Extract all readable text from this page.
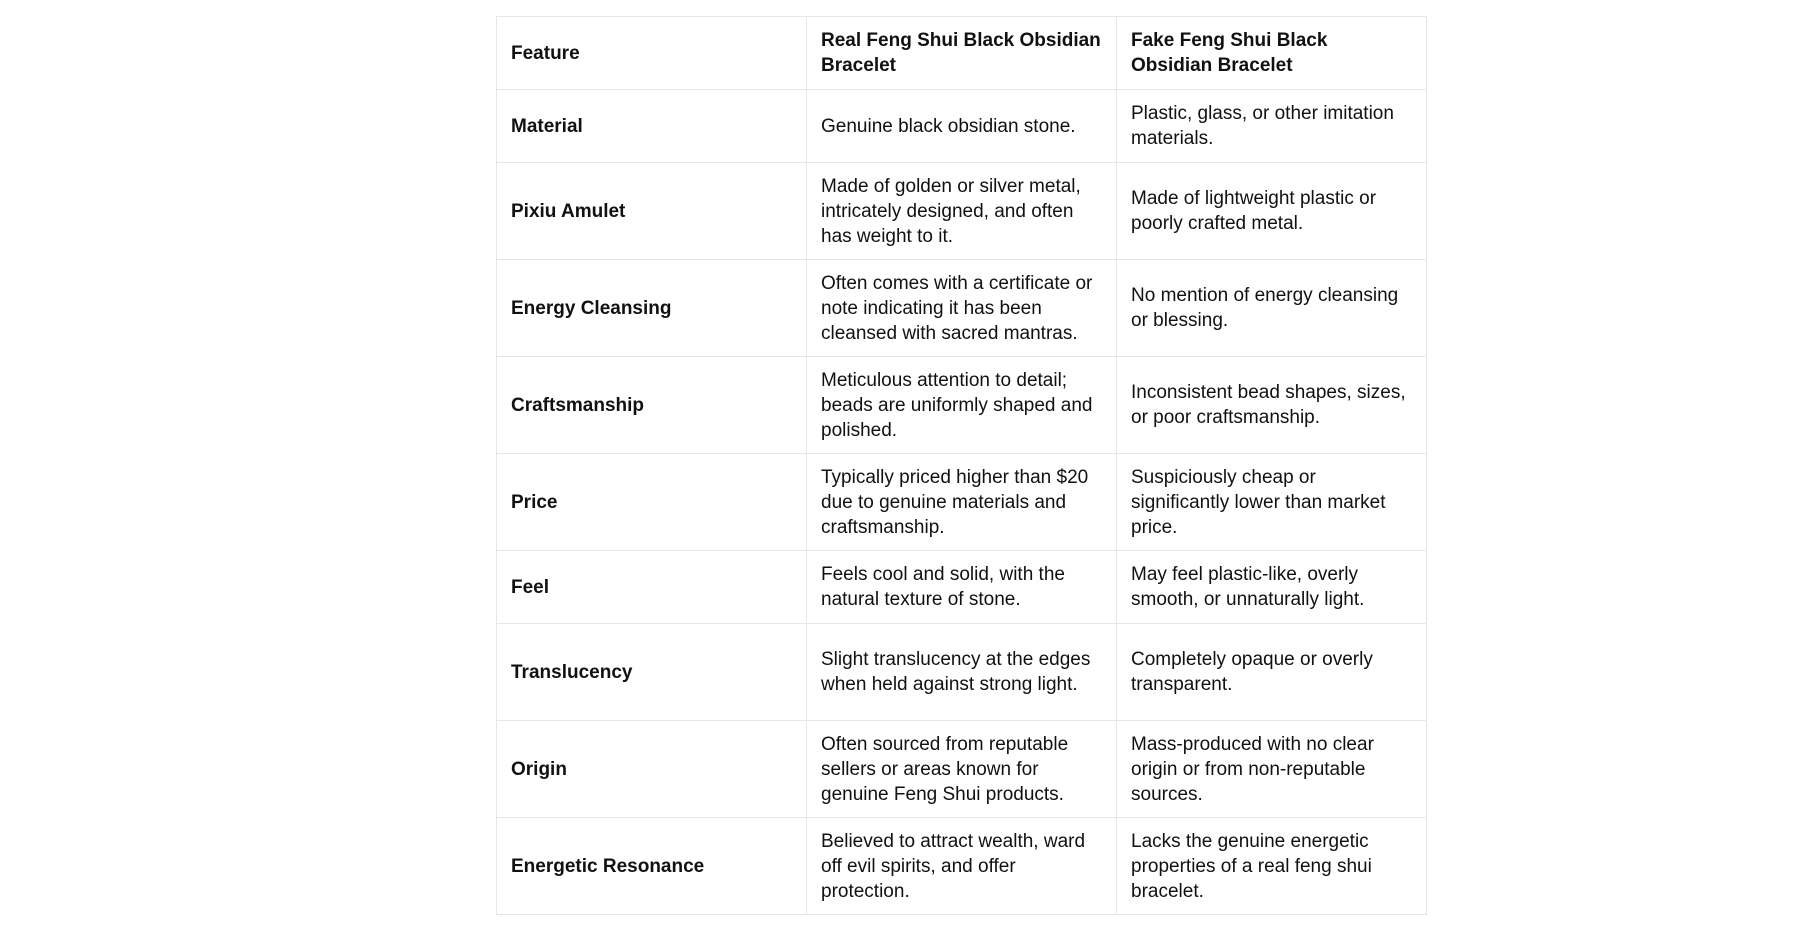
Feature	Real Feng Shui Black Obsidian Bracelet	Fake Feng Shui Black Obsidian Bracelet
Material	Genuine black obsidian stone.	Plastic, glass, or other imitation materials.
Pixiu Amulet	Made of golden or silver metal, intricately designed, and often has weight to it.	Made of lightweight plastic or poorly crafted metal.
Energy Cleansing	Often comes with a certificate or note indicating it has been cleansed with sacred mantras.	No mention of energy cleansing or blessing.
Craftsmanship	Meticulous attention to detail; beads are uniformly shaped and polished.	Inconsistent bead shapes, sizes, or poor craftsmanship.
Price	Typically priced higher than $20 due to genuine materials and craftsmanship.	Suspiciously cheap or significantly lower than market price.
Feel	Feels cool and solid, with the natural texture of stone.	May feel plastic-like, overly smooth, or unnaturally light.
Translucency	Slight translucency at the edges when held against strong light.	Completely opaque or overly transparent.
Origin	Often sourced from reputable sellers or areas known for genuine Feng Shui products.	Mass-produced with no clear origin or from non-reputable sources.
Energetic Resonance	Believed to attract wealth, ward off evil spirits, and offer protection.	Lacks the genuine energetic properties of a real feng shui bracelet.
